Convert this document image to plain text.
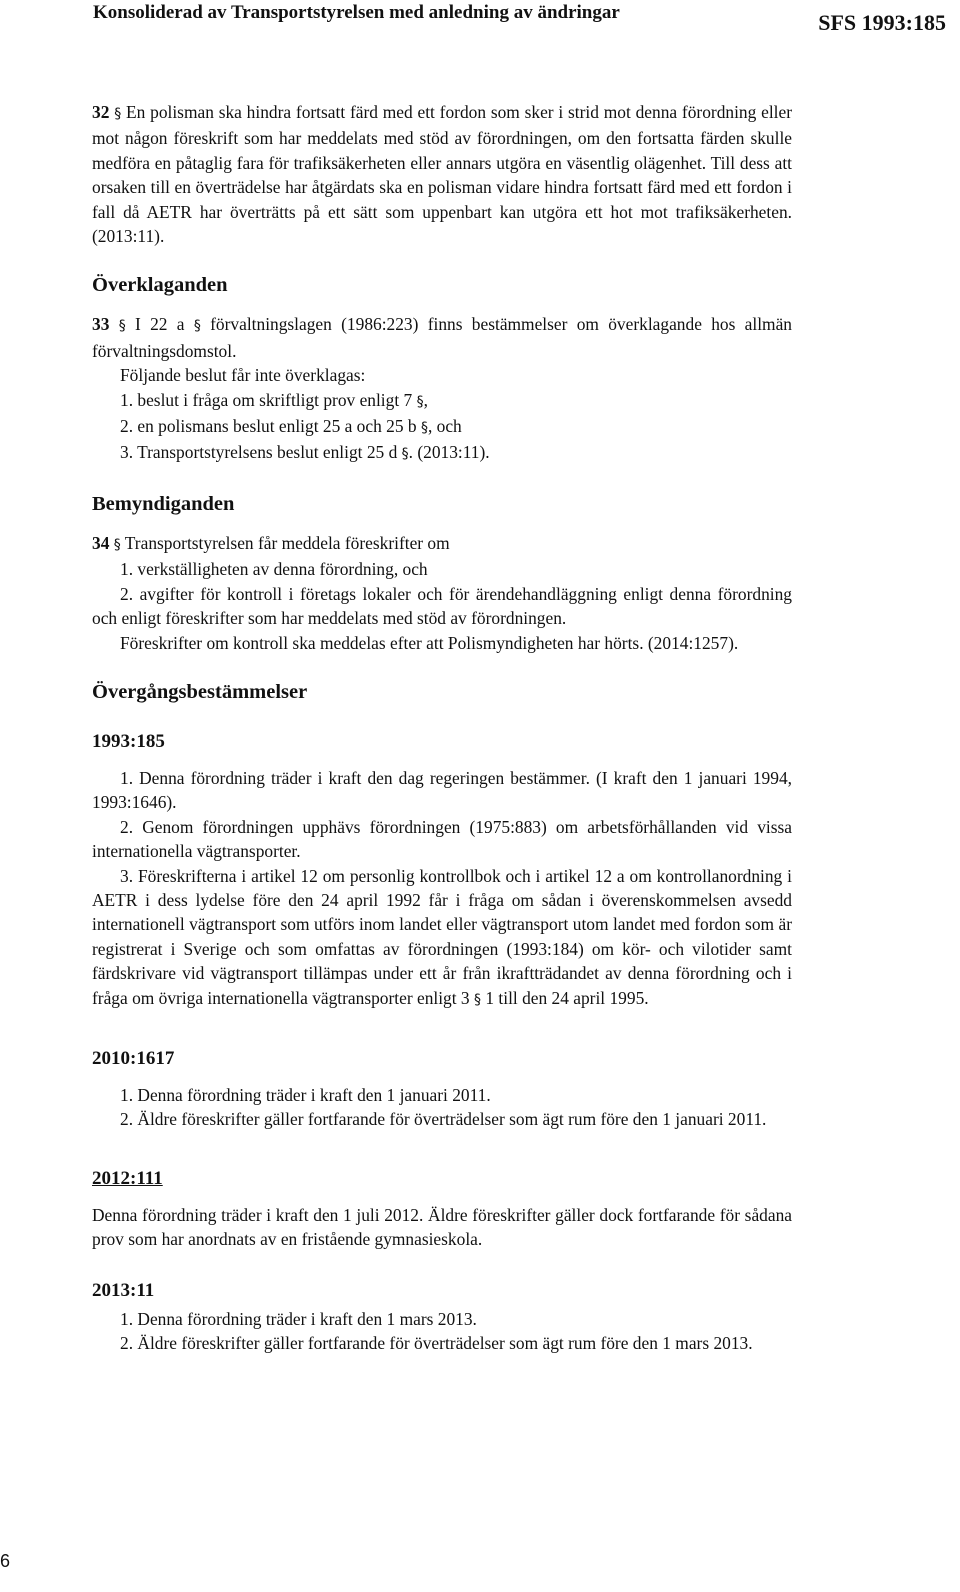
Konsoliderad av Transportstyrelsen med anledning av ändringar	SFS 1993:185

32 § En polisman ska hindra fortsatt färd med ett fordon som sker i strid mot denna förordning eller mot någon föreskrift som har meddelats med stöd av förordningen, om den fortsatta färden skulle medföra en påtaglig fara för trafiksäkerheten eller annars utgöra en väsentlig olägenhet. Till dess att orsaken till en överträdelse har åtgärdats ska en polisman vidare hindra fortsatt färd med ett fordon i fall då AETR har överträtts på ett sätt som uppenbart kan utgöra ett hot mot trafiksäkerheten. (2013:11).

Överklaganden

33 § I 22 a § förvaltningslagen (1986:223) finns bestämmelser om överklagande hos allmän förvaltningsdomstol.

Följande beslut får inte överklagas:

1. beslut i fråga om skriftligt prov enligt 7 §,

2. en polismans beslut enligt 25 a och 25 b §, och

3. Transportstyrelsens beslut enligt 25 d §. (2013:11).

Bemyndiganden

34 § Transportstyrelsen får meddela föreskrifter om

1. verkställigheten av denna förordning, och

2. avgifter för kontroll i företags lokaler och för ärendehandläggning enligt denna förordning och enligt föreskrifter som har meddelats med stöd av förordningen.

Föreskrifter om kontroll ska meddelas efter att Polismyndigheten har hörts. (2014:1257).

Övergångsbestämmelser
1993:185

1. Denna förordning träder i kraft den dag regeringen bestämmer. (I kraft den 1 januari 1994, 1993:1646).

2. Genom förordningen upphävs förordningen (1975:883) om arbetsförhållanden vid vissa internationella vägtransporter.

3. Föreskrifterna i artikel 12 om personlig kontrollbok och i artikel 12 a om kontrollanordning i AETR i dess lydelse före den 24 april 1992 får i fråga om sådan i överenskommelsen avsedd internationell vägtransport som utförs inom landet eller vägtransport utom landet med fordon som är registrerat i Sverige och som omfattas av förordningen (1993:184) om kör- och vilotider samt färdskrivare vid vägtransport tillämpas under ett år från ikraftträdandet av denna förordning och i fråga om övriga internationella vägtransporter enligt 3 § 1 till den 24 april 1995.

2010:1617

1. Denna förordning träder i kraft den 1 januari 2011.

2. Äldre föreskrifter gäller fortfarande för överträdelser som ägt rum före den 1 januari 2011.

2012:111

Denna förordning träder i kraft den 1 juli 2012. Äldre föreskrifter gäller dock fortfarande för sådana prov som har anordnats av en fristående gymnasieskola.

2013:11

1. Denna förordning träder i kraft den 1 mars 2013.

2. Äldre föreskrifter gäller fortfarande för överträdelser som ägt rum före den 1 mars 2013.

6
